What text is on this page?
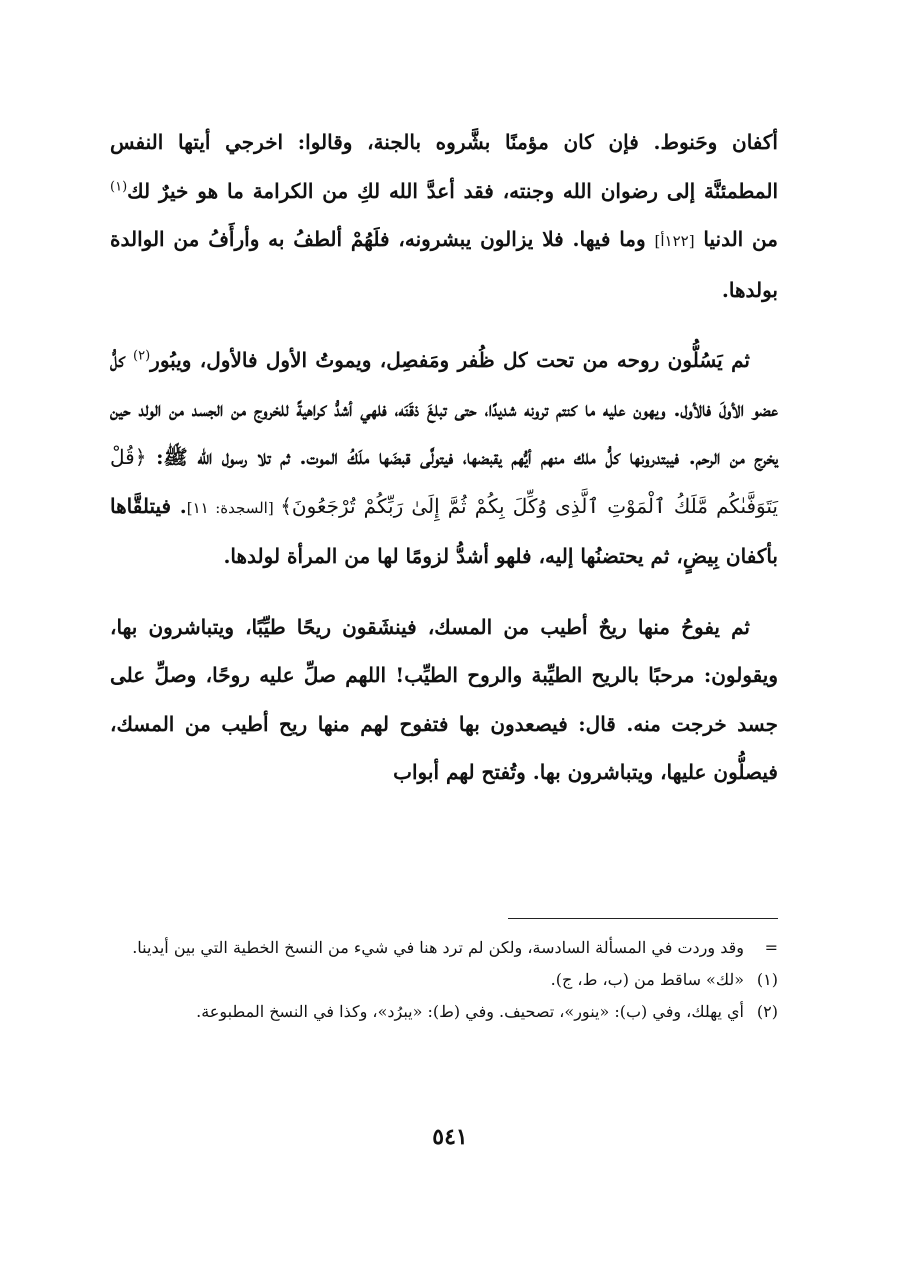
أكفان وحَنوط. فإن كان مؤمنًا بشَّروه بالجنة، وقالوا: اخرجي أيتها النفس المطمئنَّة إلى رضوان الله وجنته، فقد أعدَّ الله لكِ من الكرامة ما هو خيرٌ لك$^{(١)}$ من الدنيا [١٢٢أ] وما فيها. فلا يزالون يبشرونه، فلَهُمْ ألطفُ به وأرأَفُ من الوالدة بولدها.

ثم يَسُلُّون روحه من تحت كل ظُفر ومَفصِل، ويموتُ الأول فالأول، ويبُور$^{(٢)}$ كلُّ عضو الأولَ فالأول. ويهون عليه ما كنتم ترونه شديدًا، حتى تبلغَ ذقَنَه، فلهي أشدُّ كراهيةً للخروج من الجسد من الولد حين يخرج من الرحم. فيبتدرونها كلُّ ملك منهم أيُّهم يقبضها، فيتولَّى قبضَها ملَكُ الموت. ثم تلا رسول الله ﷺ: ﴿قُلْ يَتَوَفَّىٰكُم مَّلَكُ ٱلْمَوْتِ ٱلَّذِى وُكِّلَ بِكُمْ ثُمَّ إِلَىٰ رَبِّكُمْ تُرْجَعُونَ﴾ [السجدة: ١١]. فيتلقَّاها بأكفان بِيضٍ، ثم يحتضنُها إليه، فلهو أشدُّ لزومًا لها من المرأة لولدها.

ثم يفوحُ منها ريحٌ أطيب من المسك، فينشَقون ريحًا طيِّبًا، ويتباشرون بها، ويقولون: مرحبًا بالريح الطيِّبة والروح الطيِّب! اللهم صلِّ عليه روحًا، وصلِّ على جسد خرجت منه. قال: فيصعدون بها فتفوح لهم منها ريح أطيب من المسك، فيصلُّون عليها، ويتباشرون بها. وتُفتح لهم أبواب

=
وقد وردت في المسألة السادسة، ولكن لم ترد هنا في شيء من النسخ الخطية التي بين أيدينا.
(١)
«لك» ساقط من (ب، ط، ج).
(٢)
أي يهلك، وفي (ب): «ينور»، تصحيف. وفي (ط): «يبرُد»، وكذا في النسخ المطبوعة.
٥٤١
